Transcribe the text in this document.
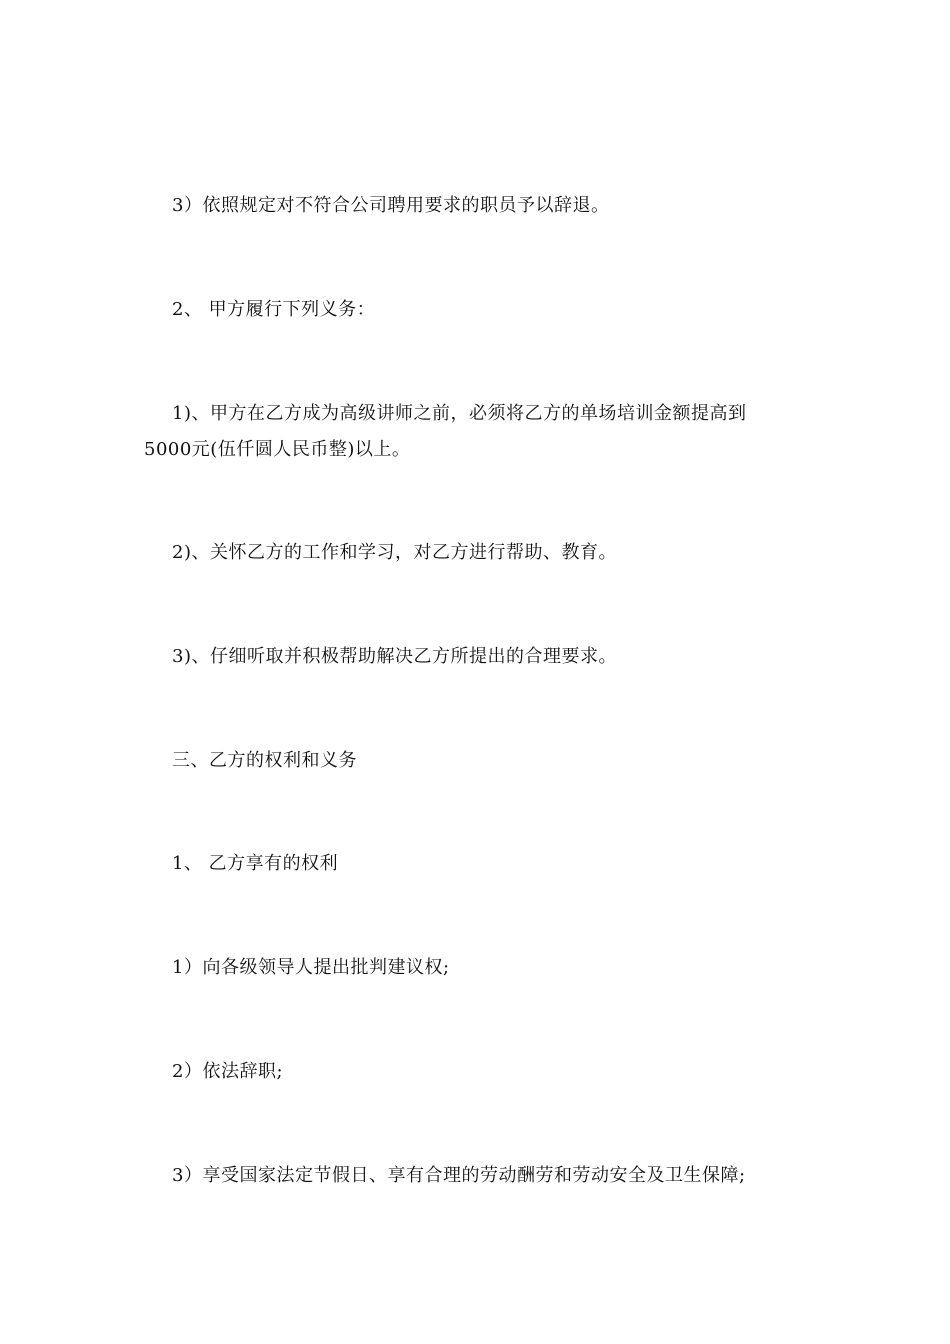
3）依照规定对不符合公司聘用要求的职员予以辞退。
2、 甲方履行下列义务：
1)、甲方在乙方成为高级讲师之前，必须将乙方的单场培训金额提高到
5000元(伍仟圆人民币整)以上。
2)、关怀乙方的工作和学习，对乙方进行帮助、教育。
3)、仔细听取并积极帮助解决乙方所提出的合理要求。
三、乙方的权利和义务
1、 乙方享有的权利
1）向各级领导人提出批判建议权;
2）依法辞职;
3）享受国家法定节假日、享有合理的劳动酬劳和劳动安全及卫生保障;
